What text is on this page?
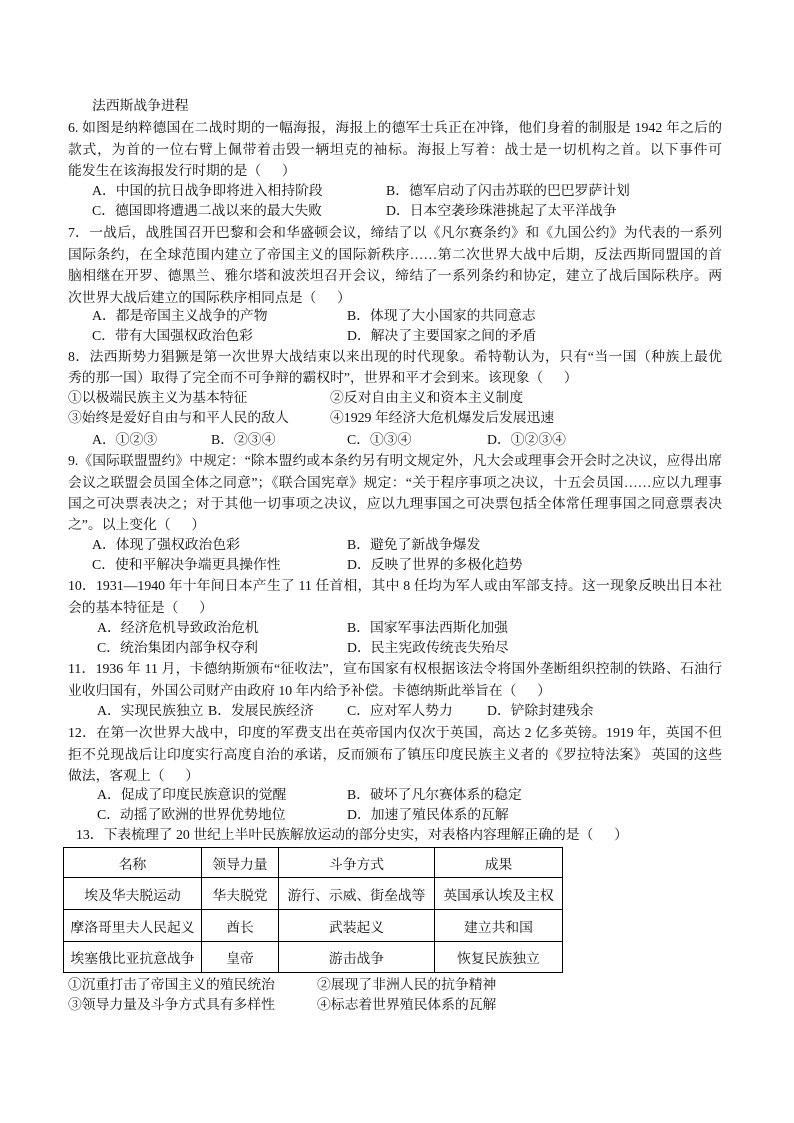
法西斯战争进程
6. 如图是纳粹德国在二战时期的一幅海报，海报上的德军士兵正在冲锋，他们身着的制服是 1942 年之后的
款式，为首的一位右臂上佩带着击毁一辆坦克的袖标。海报上写着：战士是一切机构之首。以下事件可
能发生在该海报发行时期的是（      ）
A．中国的抗日战争即将进入相持阶段	B．德军启动了闪击苏联的巴巴罗萨计划
C．德国即将遭遇二战以来的最大失败	D．日本空袭珍珠港挑起了太平洋战争
7．一战后，战胜国召开巴黎和会和华盛顿会议，缔结了以《凡尔赛条约》和《九国公约》为代表的一系列
国际条约，在全球范围内建立了帝国主义的国际新秩序……第二次世界大战中后期，反法西斯同盟国的首
脑相继在开罗、德黑兰、雅尔塔和波茨坦召开会议，缔结了一系列条约和协定，建立了战后国际秩序。两
次世界大战后建立的国际秩序相同点是（      ）
A．都是帝国主义战争的产物	B．体现了大小国家的共同意志
C．带有大国强权政治色彩	D．解决了主要国家之间的矛盾
8．法西斯势力猖獗是第一次世界大战结束以来出现的时代现象。希特勒认为，只有“当一国（种族上最优
秀的那一国）取得了完全而不可争辩的霸权时”，世界和平才会到来。该现象（      ）
①以极端民族主义为基本特征	②反对自由主义和资本主义制度
③始终是爱好自由与和平人民的敌人	④1929 年经济大危机爆发后发展迅速
A．①②③	B．②③④	C．①③④	D．①②③④
9.《国际联盟盟约》中规定：“除本盟约或本条约另有明文规定外，凡大会或理事会开会时之决议，应得出席
会议之联盟会员国全体之同意”；《联合国宪章》规定：“关于程序事项之决议，十五会员国……应以九理事
国之可决票表决之；对于其他一切事项之决议，应以九理事国之可决票包括全体常任理事国之同意票表决
之”。以上变化（      ）
A．体现了强权政治色彩	B．避免了新战争爆发
C．使和平解决争端更具操作性	D．反映了世界的多极化趋势
10．1931—1940 年十年间日本产生了 11 任首相，其中 8 任均为军人或由军部支持。这一现象反映出日本社
会的基本特征是（      ）
A．经济危机导致政治危机	B．国家军事法西斯化加强
C．统治集团内部争权夺利	D．民主宪政传统丧失殆尽
11．1936 年 11 月，卡德纳斯颁布“征收法”，宣布国家有权根据该法令将国外垄断组织控制的铁路、石油行
业收归国有，外国公司财产由政府 10 年内给予补偿。卡德纳斯此举旨在（      ）
A．实现民族独立 B．发展民族经济 C．应对军人势力 D．铲除封建残余
12．在第一次世界大战中，印度的军费支出在英帝国内仅次于英国，高达 2 亿多英镑。1919 年，英国不但
拒不兑现战后让印度实行高度自治的承诺，反而颁布了镇压印度民族主义者的《罗拉特法案》 英国的这些
做法，客观上（      ）
A．促成了印度民族意识的觉醒	B．破坏了凡尔赛体系的稳定
C．动摇了欧洲的世界优势地位	D．加速了殖民体系的瓦解
13．下表梳理了 20 世纪上半叶民族解放运动的部分史实，对表格内容理解正确的是（      ）
名称	领导力量	斗争方式	成果
埃及华夫脱运动	华夫脱党	游行、示威、街垒战等	英国承认埃及主权
摩洛哥里夫人民起义	酋长	武装起义	建立共和国
埃塞俄比亚抗意战争	皇帝	游击战争	恢复民族独立
①沉重打击了帝国主义的殖民统治	②展现了非洲人民的抗争精神
③领导力量及斗争方式具有多样性	④标志着世界殖民体系的瓦解
